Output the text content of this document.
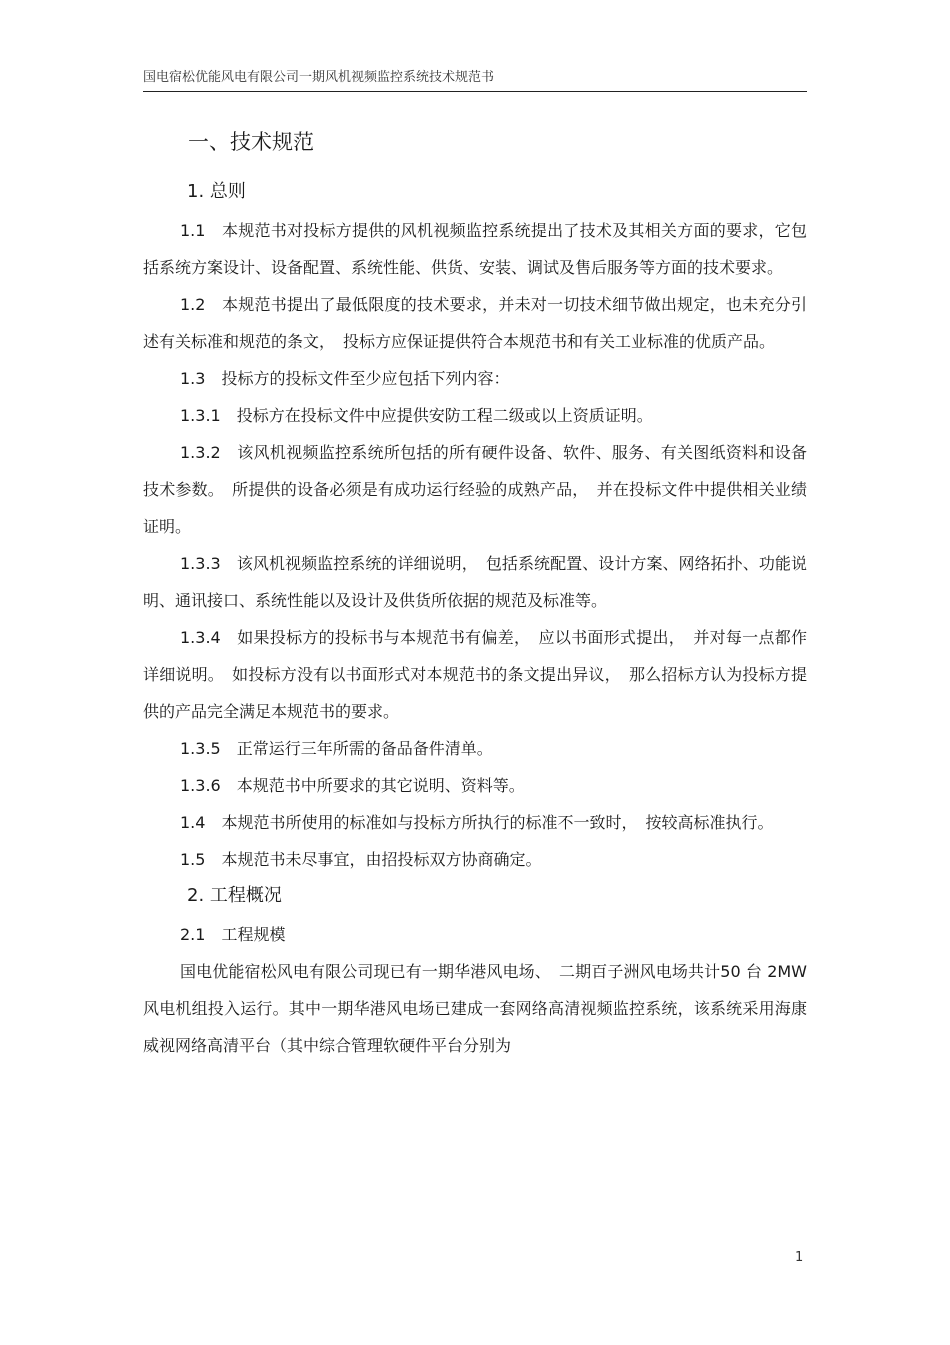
国电宿松优能风电有限公司一期风机视频监控系统技术规范书
一、技术规范
1. 总则

1.1　本规范书对投标方提供的风机视频监控系统提出了技术及其相关方面的要求，它包括系统方案设计、设备配置、系统性能、供货、安装、调试及售后服务等方面的技术要求。

1.2　本规范书提出了最低限度的技术要求，并未对一切技术细节做出规定，也未充分引述有关标准和规范的条文，　投标方应保证提供符合本规范书和有关工业标准的优质产品。

1.3　投标方的投标文件至少应包括下列内容：

1.3.1　投标方在投标文件中应提供安防工程二级或以上资质证明。

1.3.2　该风机视频监控系统所包括的所有硬件设备、软件、服务、有关图纸资料和设备技术参数。　所提供的设备必须是有成功运行经验的成熟产品，　并在投标文件中提供相关业绩证明。

1.3.3　该风机视频监控系统的详细说明，　包括系统配置、设计方案、网络拓扑、功能说明、通讯接口、系统性能以及设计及供货所依据的规范及标准等。

1.3.4　如果投标方的投标书与本规范书有偏差，　应以书面形式提出，　并对每一点都作详细说明。　如投标方没有以书面形式对本规范书的条文提出异议，　那么招标方认为投标方提供的产品完全满足本规范书的要求。

1.3.5　正常运行三年所需的备品备件清单。

1.3.6　本规范书中所要求的其它说明、资料等。

1.4　本规范书所使用的标准如与投标方所执行的标准不一致时，　按较高标准执行。

1.5　本规范书未尽事宜，由招投标双方协商确定。

2. 工程概况

2.1　工程规模

国电优能宿松风电有限公司现已有一期华港风电场、　二期百子洲风电场共计50 台 2MW风电机组投入运行。其中一期华港风电场已建成一套网络高清视频监控系统，该系统采用海康威视网络高清平台（其中综合管理软硬件平台分别为

1
